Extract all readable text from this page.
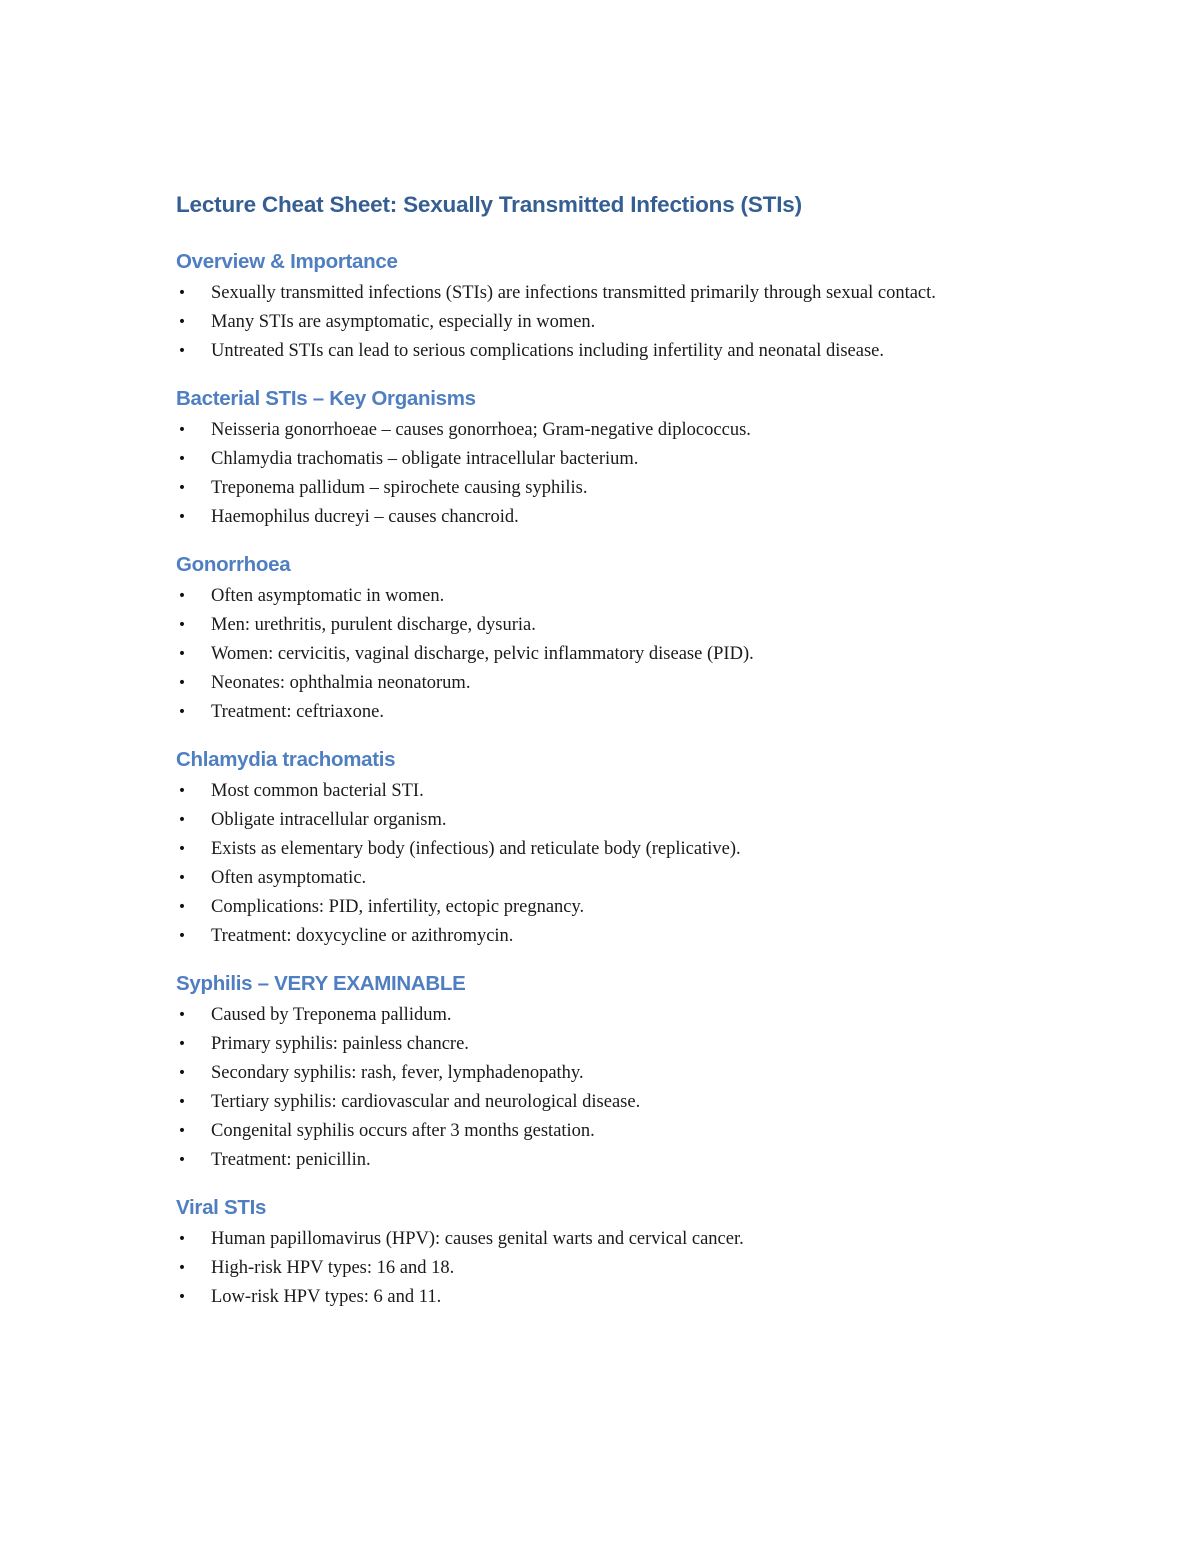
Lecture Cheat Sheet: Sexually Transmitted Infections (STIs)
Overview & Importance
• Sexually transmitted infections (STIs) are infections transmitted primarily through sexual contact.
• Many STIs are asymptomatic, especially in women.
• Untreated STIs can lead to serious complications including infertility and neonatal disease.
Bacterial STIs – Key Organisms
• Neisseria gonorrhoeae – causes gonorrhoea; Gram-negative diplococcus.
• Chlamydia trachomatis – obligate intracellular bacterium.
• Treponema pallidum – spirochete causing syphilis.
• Haemophilus ducreyi – causes chancroid.
Gonorrhoea
• Often asymptomatic in women.
• Men: urethritis, purulent discharge, dysuria.
• Women: cervicitis, vaginal discharge, pelvic inflammatory disease (PID).
• Neonates: ophthalmia neonatorum.
• Treatment: ceftriaxone.
Chlamydia trachomatis
• Most common bacterial STI.
• Obligate intracellular organism.
• Exists as elementary body (infectious) and reticulate body (replicative).
• Often asymptomatic.
• Complications: PID, infertility, ectopic pregnancy.
• Treatment: doxycycline or azithromycin.
Syphilis – VERY EXAMINABLE
• Caused by Treponema pallidum.
• Primary syphilis: painless chancre.
• Secondary syphilis: rash, fever, lymphadenopathy.
• Tertiary syphilis: cardiovascular and neurological disease.
• Congenital syphilis occurs after 3 months gestation.
• Treatment: penicillin.
Viral STIs
• Human papillomavirus (HPV): causes genital warts and cervical cancer.
• High-risk HPV types: 16 and 18.
• Low-risk HPV types: 6 and 11.
